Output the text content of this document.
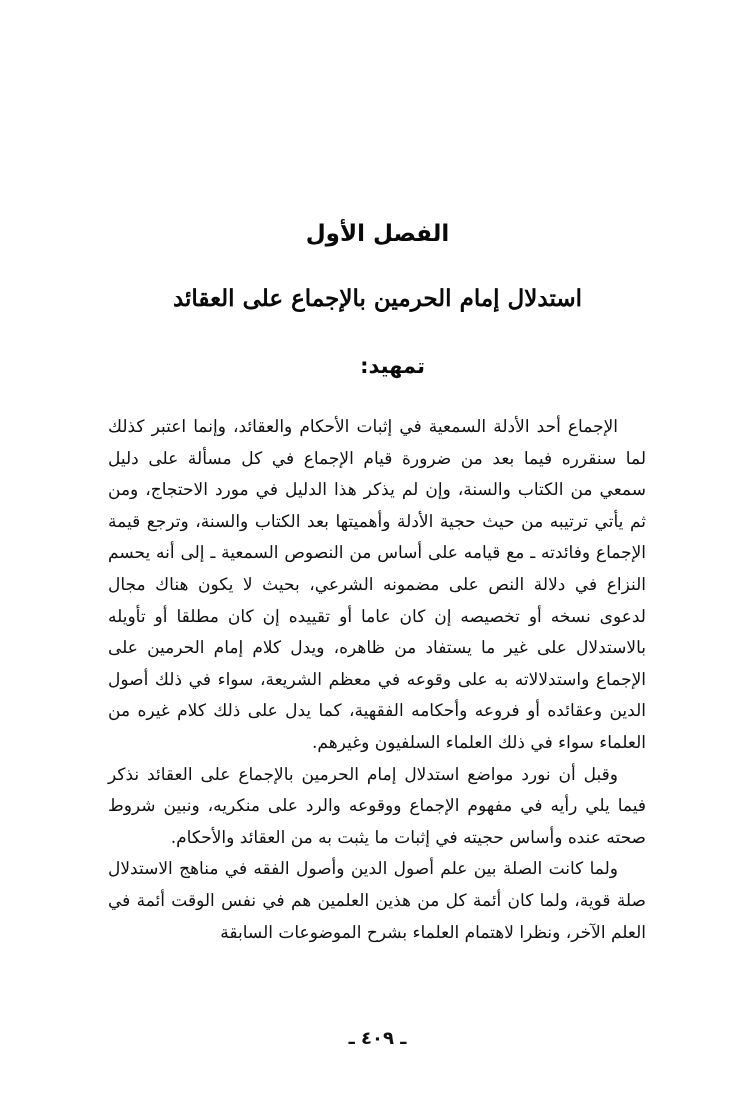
الفصل الأول
استدلال إمام الحرمين بالإجماع على العقائد
تمهيد:

الإجماع أحد الأدلة السمعية في إثبات الأحكام والعقائد، وإنما اعتبر كذلك لما سنقرره فيما بعد من ضرورة قيام الإجماع في كل مسألة على دليل سمعي من الكتاب والسنة، وإن لم يذكر هذا الدليل في مورد الاحتجاج، ومن ثم يأتي ترتيبه من حيث حجية الأدلة وأهميتها بعد الكتاب والسنة، وترجع قيمة الإجماع وفائدته ـ مع قيامه على أساس من النصوص السمعية ـ إلى أنه يحسم النزاع في دلالة النص على مضمونه الشرعي، بحيث لا يكون هناك مجال لدعوى نسخه أو تخصيصه إن كان عاما أو تقييده إن كان مطلقا أو تأويله بالاستدلال على غير ما يستفاد من ظاهره، ويدل كلام إمام الحرمين على الإجماع واستدلالاته به على وقوعه في معظم الشريعة، سواء في ذلك أصول الدين وعقائده أو فروعه وأحكامه الفقهية، كما يدل على ذلك كلام غيره من العلماء سواء في ذلك العلماء السلفيون وغيرهم.

وقبل أن نورد مواضع استدلال إمام الحرمين بالإجماع على العقائد نذكر فيما يلي رأيه في مفهوم الإجماع ووقوعه والرد على منكريه، ونبين شروط صحته عنده وأساس حجيته في إثبات ما يثبت به من العقائد والأحكام.

ولما كانت الصلة بين علم أصول الدين وأصول الفقه في مناهج الاستدلال صلة قوية، ولما كان أئمة كل من هذين العلمين هم في نفس الوقت أئمة في العلم الآخر، ونظرا لاهتمام العلماء بشرح الموضوعات السابقة

ـ ٤٠٩ ـ
